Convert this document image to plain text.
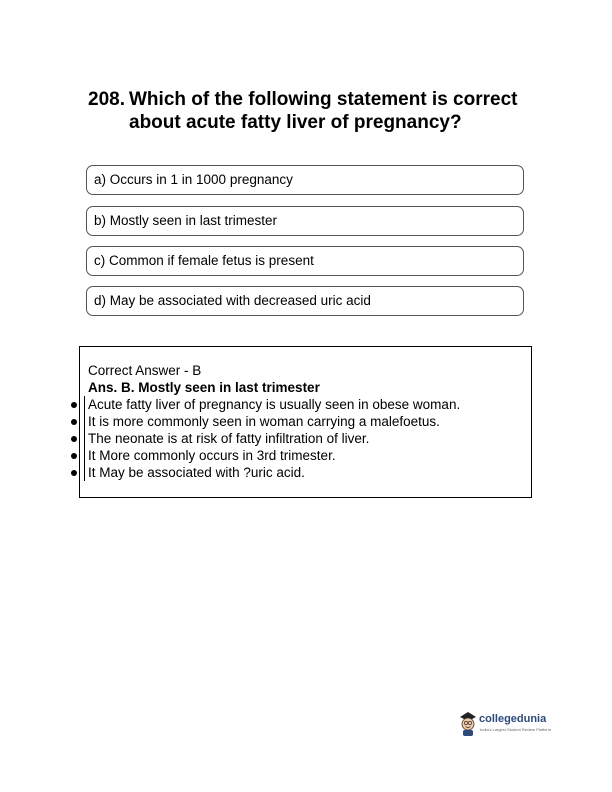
208. Which of the following statement is correct about acute fatty liver of pregnancy?
a) Occurs in 1 in 1000 pregnancy
b) Mostly seen in last trimester
c) Common if female fetus is present
d) May be associated with decreased uric acid
Correct Answer - B
Ans. B. Mostly seen in last trimester
Acute fatty liver of pregnancy is usually seen in obese woman.
It is more commonly seen in woman carrying a malefoetus.
The neonate is at risk of fatty infiltration of liver.
It More commonly occurs in 3rd trimester.
It May be associated with ?uric acid.
collegedunia
India's Largest Student Review Platform
